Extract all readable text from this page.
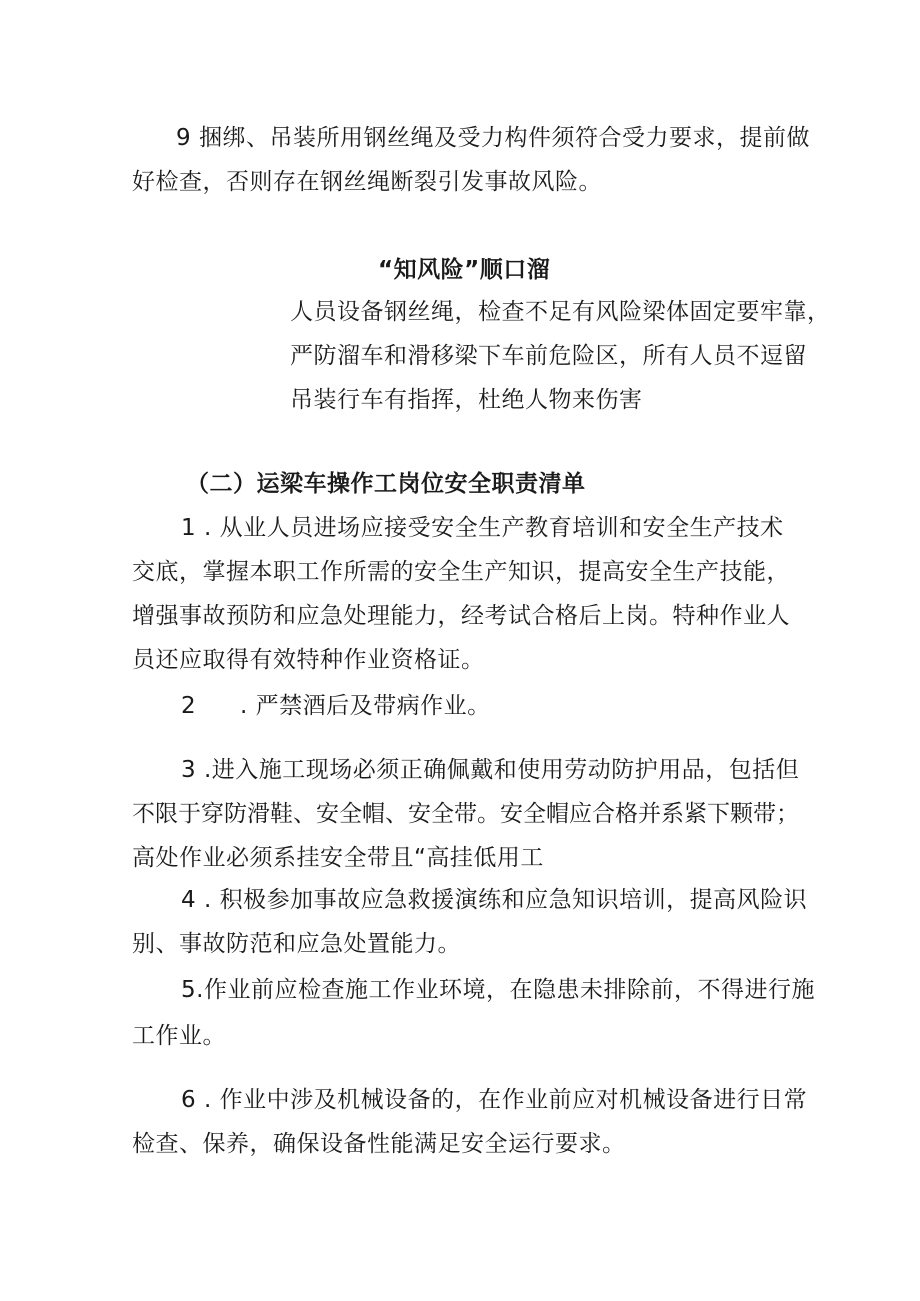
9 捆绑、吊装所用钢丝绳及受力构件须符合受力要求，提前做
好检查，否则存在钢丝绳断裂引发事故风险。
“知风险”顺口溜
人员设备钢丝绳，检查不足有风险梁体固定要牢靠，
严防溜车和滑移梁下车前危险区，所有人员不逗留
吊装行车有指挥，杜绝人物来伤害
（二）运梁车操作工岗位安全职责清单
1 . 从业人员进场应接受安全生产教育培训和安全生产技术
交底，掌握本职工作所需的安全生产知识，提高安全生产技能，
增强事故预防和应急处理能力，经考试合格后上岗。特种作业人
员还应取得有效特种作业资格证。
2 . 严禁酒后及带病作业。
3 .进入施工现场必须正确佩戴和使用劳动防护用品，包括但
不限于穿防滑鞋、安全帽、安全带。安全帽应合格并系紧下颗带；
高处作业必须系挂安全带且“高挂低用工
4 . 积极参加事故应急救援演练和应急知识培训，提高风险识
别、事故防范和应急处置能力。
5.作业前应检查施工作业环境，在隐患未排除前，不得进行施
工作业。
6 . 作业中涉及机械设备的，在作业前应对机械设备进行日常
检查、保养，确保设备性能满足安全运行要求。
